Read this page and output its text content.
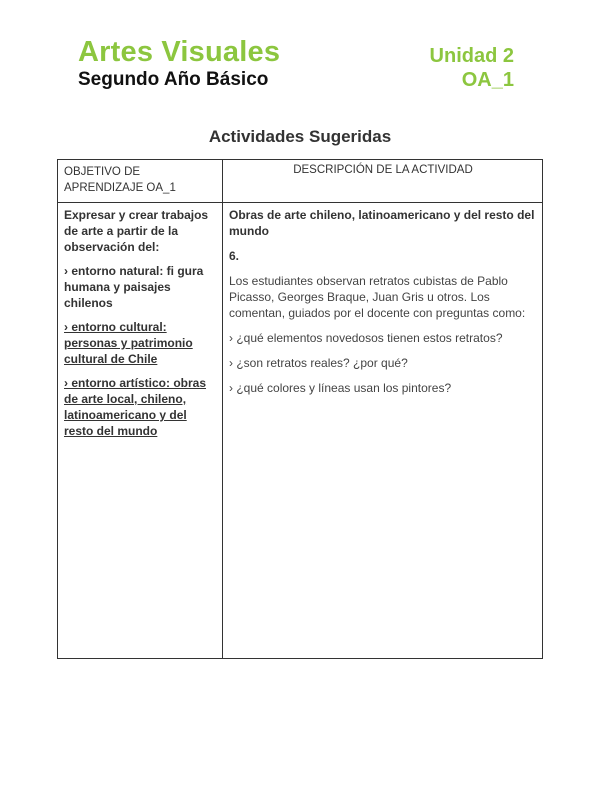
Artes Visuales
Segundo Año Básico
Unidad 2
OA_1
Actividades Sugeridas
OBJETIVO DE APRENDIZAJE OA_1
DESCRIPCIÓN DE LA ACTIVIDAD

Expresar y crear trabajos de arte a partir de la observación del:

› entorno natural: fi gura humana y paisajes chilenos

› entorno cultural: personas y patrimonio cultural de Chile

› entorno artístico: obras de arte local, chileno, latinoamericano y del resto del mundo

Obras de arte chileno, latinoamericano y del resto del mundo

6.

Los estudiantes observan retratos cubistas de Pablo Picasso, Georges Braque, Juan Gris u otros. Los comentan, guiados por el docente con preguntas como:

› ¿qué elementos novedosos tienen estos retratos?

› ¿son retratos reales? ¿por qué?

› ¿qué colores y líneas usan los pintores?
